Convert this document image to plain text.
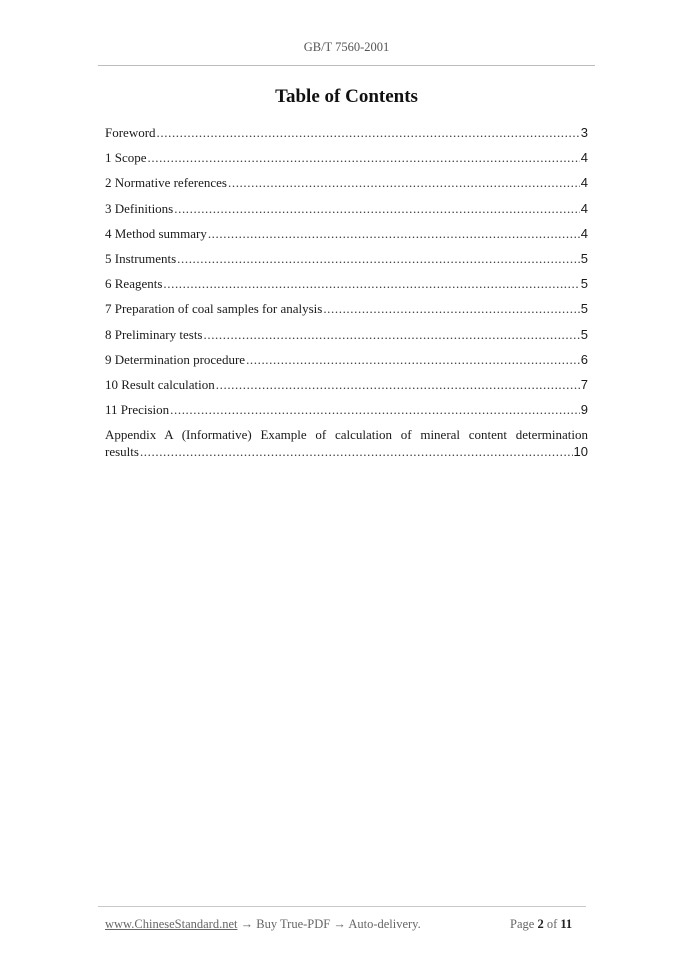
GB/T 7560-2001
Table of Contents
Foreword .....	3
1 Scope .....	4
2 Normative references .....	4
3 Definitions .....	4
4 Method summary .....	4
5 Instruments .....	5
6 Reagents .....	5
7 Preparation of coal samples for analysis .....	5
8 Preliminary tests .....	5
9 Determination procedure .....	6
10 Result calculation .....	7
11 Precision .....	9
Appendix A (Informative) Example of calculation of mineral content determination
results .....	10
www.ChineseStandard.net → Buy True-PDF → Auto-delivery.	Page 2 of 11
